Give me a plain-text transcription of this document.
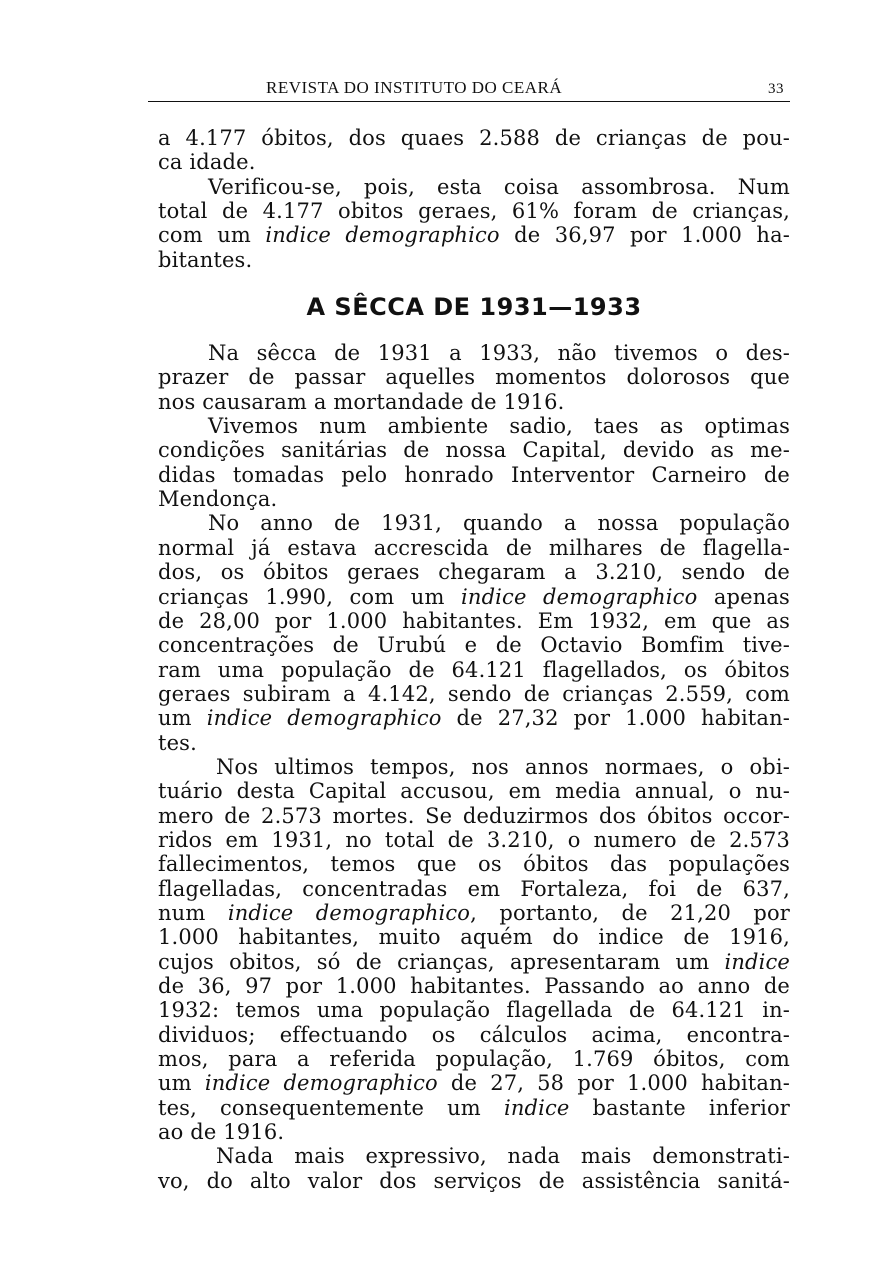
REVISTA DO INSTITUTO DO CEARÁ	33
a 4.177 óbitos, dos quaes 2.588 de crianças de pou-
ca idade.
Verificou-se, pois, esta coisa assombrosa. Num
total de 4.177 obitos geraes, 61% foram de crianças,
com um indice demographico de 36,97 por 1.000 ha-
bitantes.
A SÊCCA DE 1931—1933
Na sêcca de 1931 a 1933, não tivemos o des-
prazer de passar aquelles momentos dolorosos que
nos causaram a mortandade de 1916.
Vivemos num ambiente sadio, taes as optimas
condições sanitárias de nossa Capital, devido as me-
didas tomadas pelo honrado Interventor Carneiro de
Mendonça.
No anno de 1931, quando a nossa população
normal já estava accrescida de milhares de flagella-
dos, os óbitos geraes chegaram a 3.210, sendo de
crianças 1.990, com um indice demographico apenas
de 28,00 por 1.000 habitantes. Em 1932, em que as
concentrações de Urubú e de Octavio Bomfim tive-
ram uma população de 64.121 flagellados, os óbitos
geraes subiram a 4.142, sendo de crianças 2.559, com
um indice demographico de 27,32 por 1.000 habitan-
tes.
Nos ultimos tempos, nos annos normaes, o obi-
tuário desta Capital accusou, em media annual, o nu-
mero de 2.573 mortes. Se deduzirmos dos óbitos occor-
ridos em 1931, no total de 3.210, o numero de 2.573
fallecimentos, temos que os óbitos das populações
flagelladas, concentradas em Fortaleza, foi de 637,
num indice demographico, portanto, de 21,20 por
1.000 habitantes, muito aquém do indice de 1916,
cujos obitos, só de crianças, apresentaram um indice
de 36, 97 por 1.000 habitantes. Passando ao anno de
1932: temos uma população flagellada de 64.121 in-
dividuos; effectuando os cálculos acima, encontra-
mos, para a referida população, 1.769 óbitos, com
um indice demographico de 27, 58 por 1.000 habitan-
tes, consequentemente um indice bastante inferior
ao de 1916.
Nada mais expressivo, nada mais demonstrati-
vo, do alto valor dos serviços de assistência sanitá-
